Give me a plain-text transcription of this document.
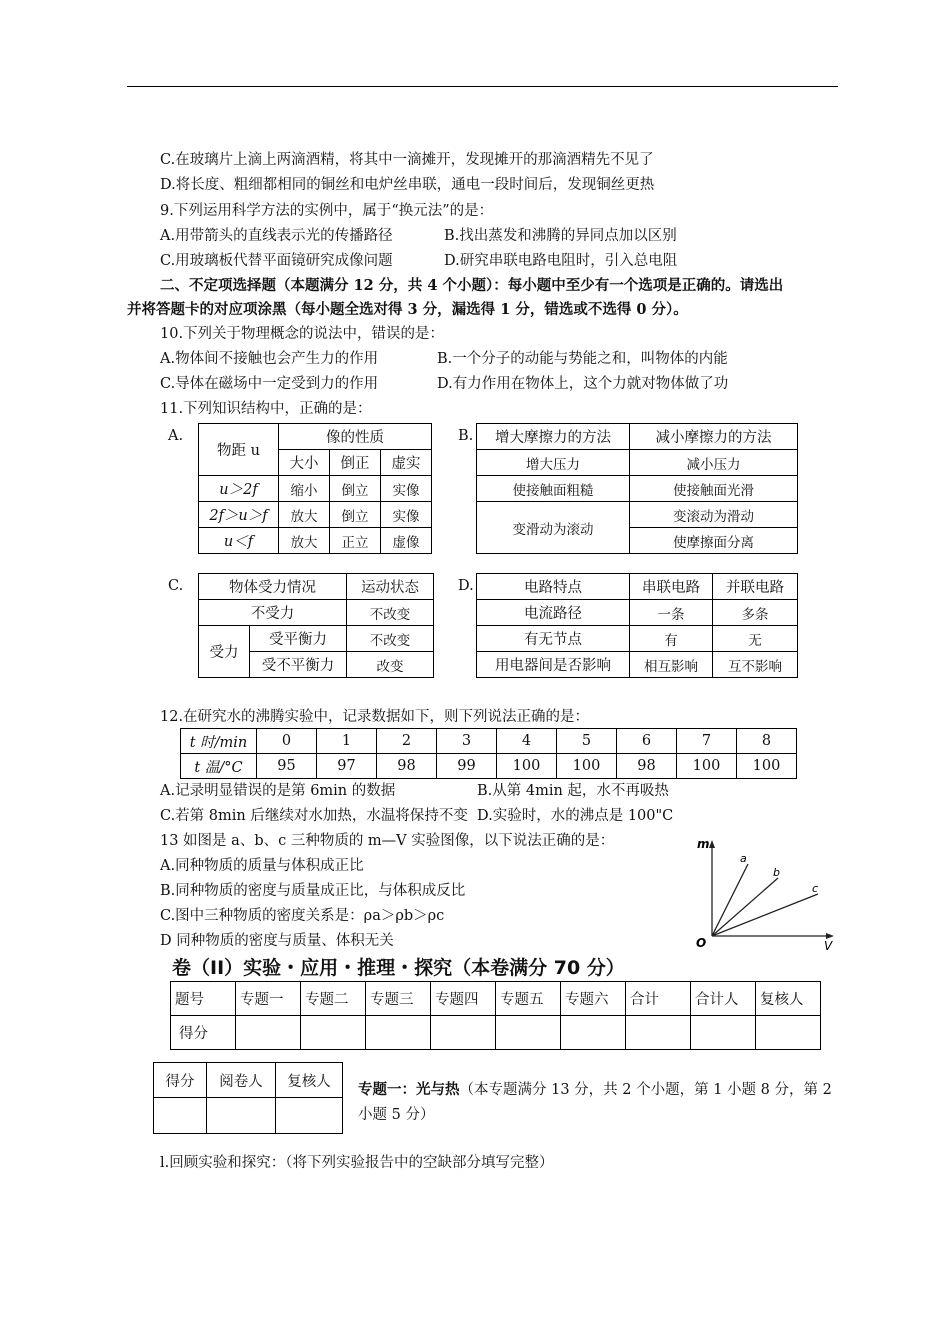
C.在玻璃片上滴上两滴酒精，将其中一滴摊开，发现摊开的那滴酒精先不见了
D.将长度、粗细都相同的铜丝和电炉丝串联，通电一段时间后，发现铜丝更热
9.下列运用科学方法的实例中，属于“换元法”的是：
A.用带箭头的直线表示光的传播路径	B.找出蒸发和沸腾的异同点加以区别
C.用玻璃板代替平面镜研究成像问题	D.研究串联电路电阻时，引入总电阻
二、不定项选择题（本题满分 12 分，共 4 个小题）：每小题中至少有一个选项是正确的。请选出
并将答题卡的对应项涂黑（每小题全选对得 3 分，漏选得 1 分，错选或不选得 0 分）。
10.下列关于物理概念的说法中，错误的是：
A.物体间不接触也会产生力的作用	B.一个分子的动能与势能之和，叫物体的内能
C.导体在磁场中一定受到力的作用	D.有力作用在物体上，这个力就对物体做了功
11.下列知识结构中，正确的是：
A.	B.
C.	D.
物距 u	像的性质		
	大小	倒正	虚实
u＞2f	缩小	倒立	实像
2f＞u＞f	放大	倒立	实像
u＜f	放大	正立	虚像
增大摩擦力的方法	减小摩擦力的方法
增大压力	减小压力
使接触面粗糙	使接触面光滑
变滑动为滚动	变滚动为滑动
	使摩擦面分离
物体受力情况		运动状态
不受力		不改变
受力	受平衡力	不改变
	受不平衡力	改变
电路特点	串联电路	并联电路
电流路径	一条	多条
有无节点	有	无
用电器间是否影响	相互影响	互不影响
12.在研究水的沸腾实验中，记录数据如下，则下列说法正确的是：
t 时/min	0	1	2	3	4	5	6	7	8
t 温/°C	95	97	98	99	100	100	98	100	100
A.记录明显错误的是第 6min 的数据	B.从第 4min 起，水不再吸热
C.若第 8min 后继续对水加热，水温将保持不变 D.实验时，水的沸点是 100"C
13 如图是 a、b、c 三种物质的 m—V 实验图像，以下说法正确的是：
A.同种物质的质量与体积成正比
B.同种物质的密度与质量成正比，与体积成反比
C.图中三种物质的密度关系是：ρa＞ρb＞ρc
D 同种物质的密度与质量、体积无关
m
O	V
a
b
c
卷（II）实验・应用・推理・探究（本卷满分 70 分）
题号	专题一	专题二	专题三	专题四	专题五	专题六	合计	合计人	复核人
得分									
得分	阅卷人	复核人
		专题一：光与热（本专题满分 13 分，共 2 个小题，第 1 小题 8 分，第 2
小题 5 分）
l.回顾实验和探究：（将下列实验报告中的空缺部分填写完整）
